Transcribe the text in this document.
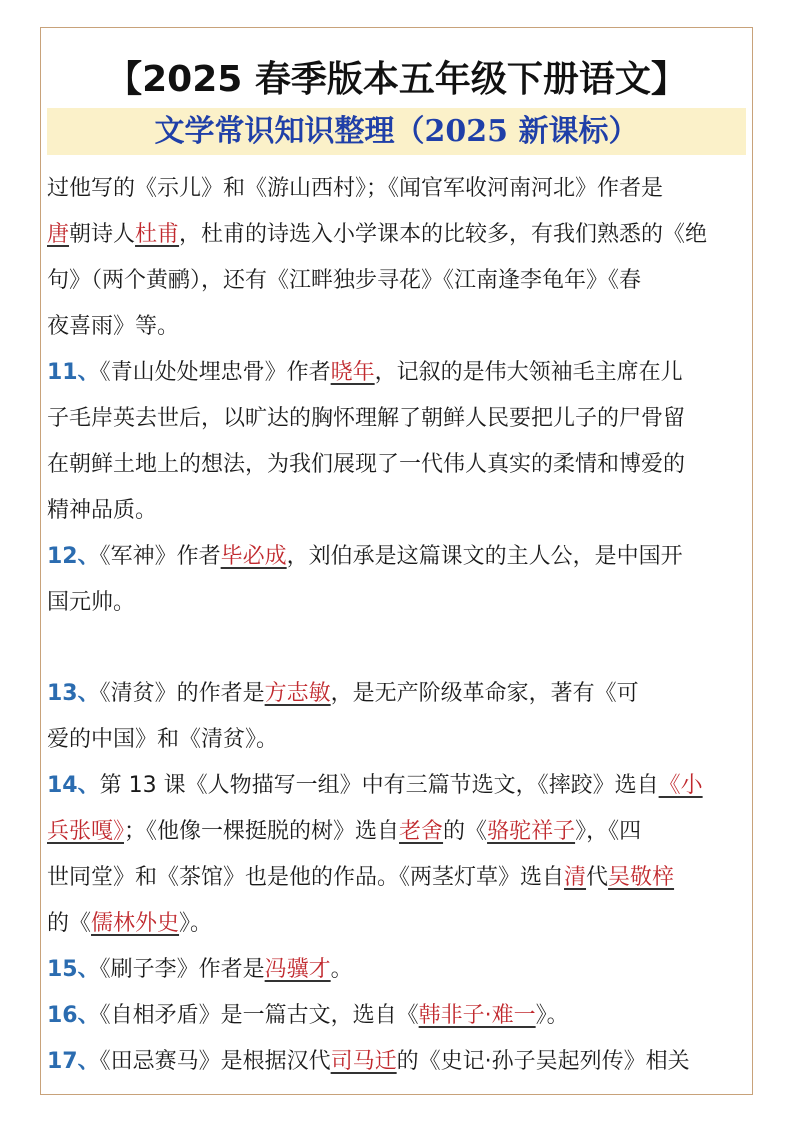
【2025 春季版本五年级下册语文】
文学常识知识整理（2025 新课标）
过他写的《示儿》和《游山西村》；《闻官军收河南河北》作者是
唐朝诗人杜甫，杜甫的诗选入小学课本的比较多，有我们熟悉的《绝
句》（两个黄鹂），还有《江畔独步寻花》《江南逢李龟年》《春
夜喜雨》等。
11、《青山处处埋忠骨》作者晓年，记叙的是伟大领袖毛主席在儿
子毛岸英去世后，以旷达的胸怀理解了朝鲜人民要把儿子的尸骨留
在朝鲜土地上的想法，为我们展现了一代伟人真实的柔情和博爱的
精神品质。
12、《军神》作者毕必成，刘伯承是这篇课文的主人公，是中国开
国元帅。
13、《清贫》的作者是方志敏，是无产阶级革命家，著有《可
爱的中国》和《清贫》。
14、第 13 课《人物描写一组》中有三篇节选文，《摔跤》选自《小
兵张嘎》；《他像一棵挺脱的树》选自老舍的《骆驼祥子》，《四
世同堂》和《茶馆》也是他的作品。《两茎灯草》选自清代吴敬梓
的《儒林外史》。
15、《刷子李》作者是冯骥才。
16、《自相矛盾》是一篇古文，选自《韩非子·难一》。
17、《田忌赛马》是根据汉代司马迁的《史记·孙子吴起列传》相关
